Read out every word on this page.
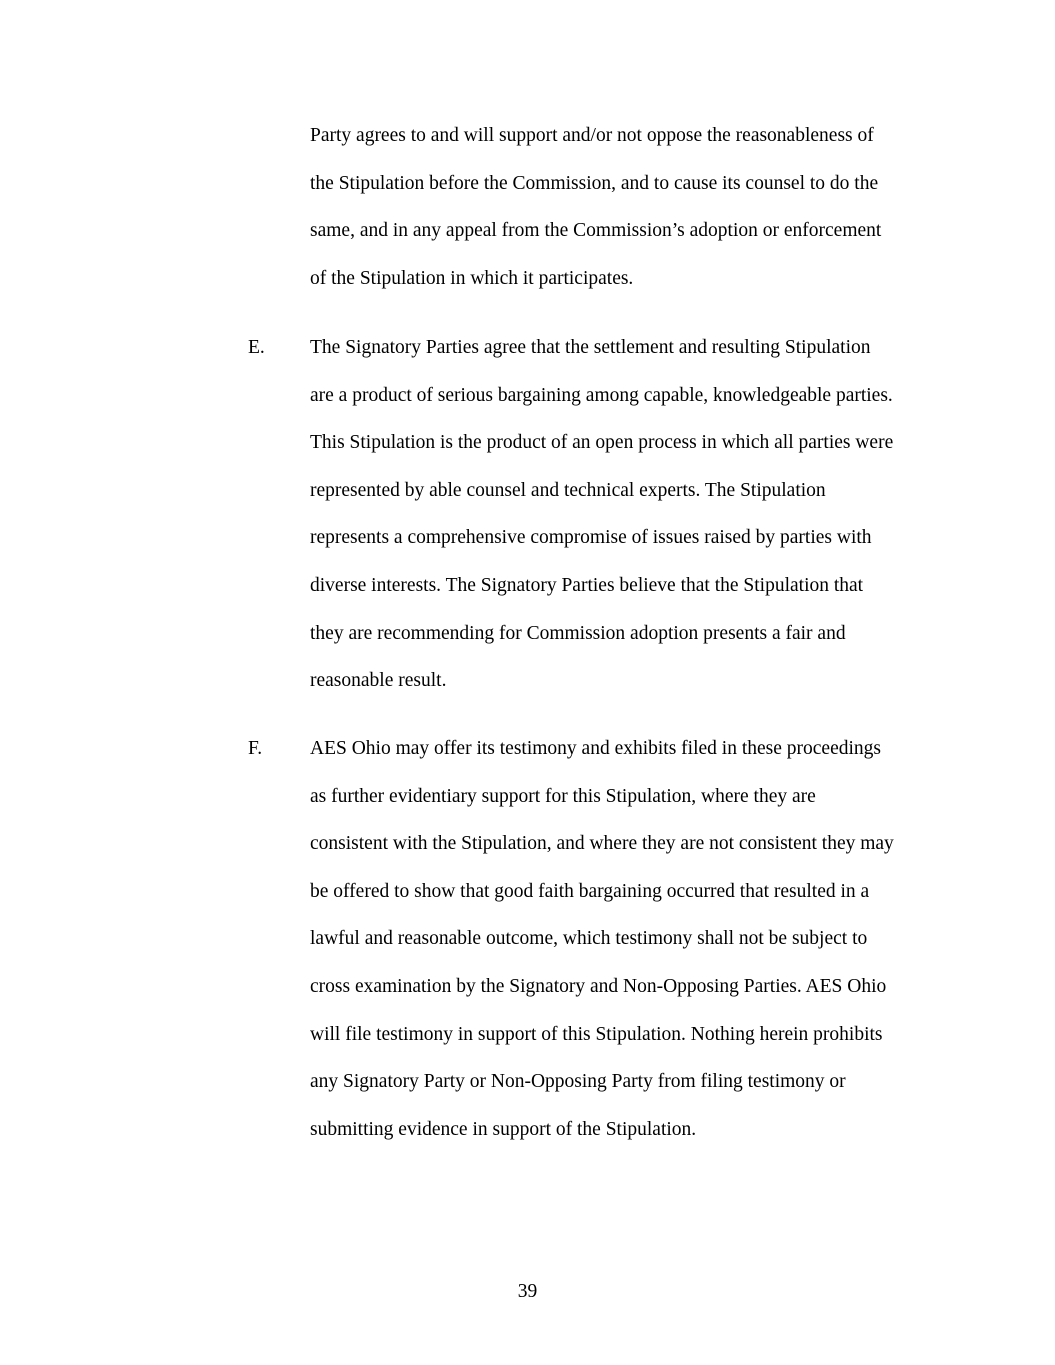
Party agrees to and will support and/or not oppose the reasonableness of
the Stipulation before the Commission, and to cause its counsel to do the
same, and in any appeal from the Commission’s adoption or enforcement
of the Stipulation in which it participates.
E. The Signatory Parties agree that the settlement and resulting Stipulation
are a product of serious bargaining among capable, knowledgeable parties.
This Stipulation is the product of an open process in which all parties were
represented by able counsel and technical experts. The Stipulation
represents a comprehensive compromise of issues raised by parties with
diverse interests. The Signatory Parties believe that the Stipulation that
they are recommending for Commission adoption presents a fair and
reasonable result.
F. AES Ohio may offer its testimony and exhibits filed in these proceedings
as further evidentiary support for this Stipulation, where they are
consistent with the Stipulation, and where they are not consistent they may
be offered to show that good faith bargaining occurred that resulted in a
lawful and reasonable outcome, which testimony shall not be subject to
cross examination by the Signatory and Non-Opposing Parties. AES Ohio
will file testimony in support of this Stipulation. Nothing herein prohibits
any Signatory Party or Non-Opposing Party from filing testimony or
submitting evidence in support of the Stipulation.
39
